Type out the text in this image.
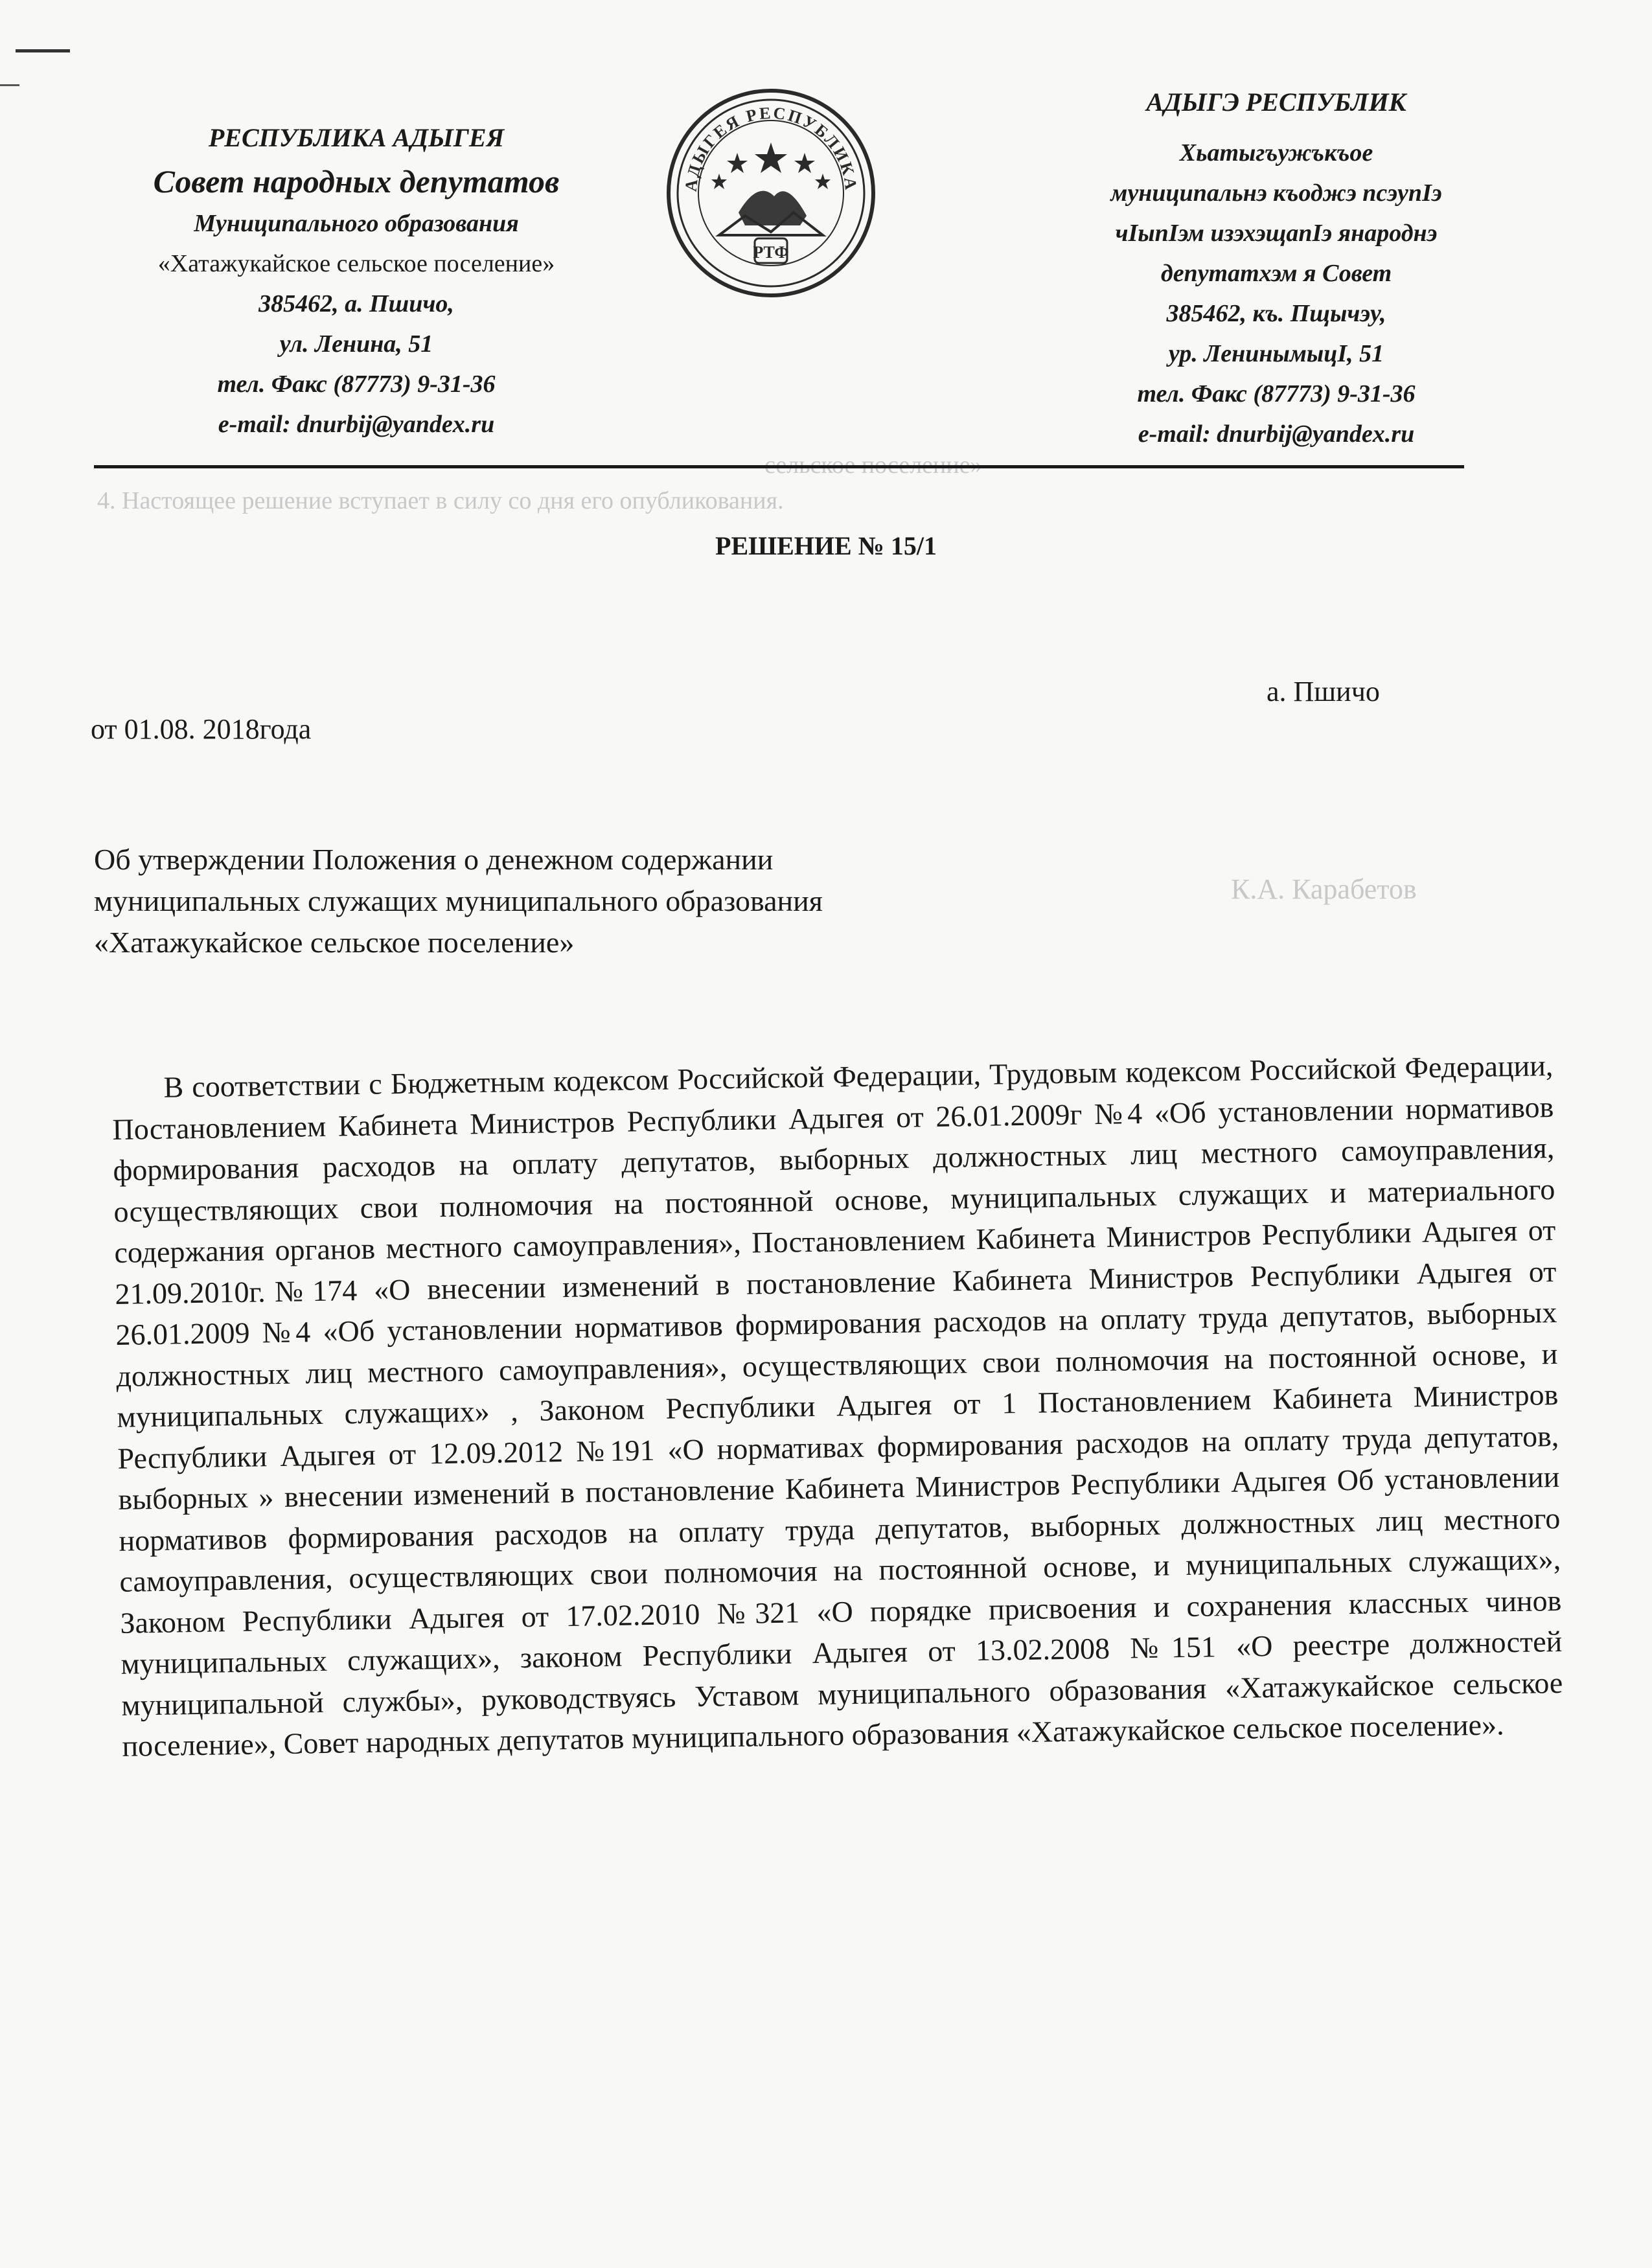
сельское поселение»
4. Настоящее решение вступает в силу со дня его опубликования.
К.А. Карабетов
РЕСПУБЛИКА АДЫГЕЯ
Совет народных депутатов
Муниципального образования
«Хатажукайское сельское поселение»
385462, а. Пшичо,
ул. Ленина, 51
тел. Факс (87773) 9-31-36
e-mail: dnurbij@yandex.ru
АДЫГЕЯ РЕСПУБЛИКА
РТФ
АДЫГЭ РЕСПУБЛИК
Хьатыгъужъкъое
муниципальнэ къоджэ псэупІэ
чІыпІэм изэхэщапІэ янароднэ
депутатхэм я Совет
385462, къ. Пщычэу,
ур. ЛенинымыцІ, 51
тел. Факс (87773) 9-31-36
e-mail: dnurbij@yandex.ru
РЕШЕНИЕ № 15/1
а. Пшичо
от 01.08. 2018года
Об утверждении Положения о денежном содержании
муниципальных служащих муниципального образования
«Хатажукайское сельское поселение»
В соответствии с Бюджетным кодексом Российской Федерации, Трудовым кодексом Российской Федерации, Постановлением Кабинета Министров Республики Адыгея от 26.01.2009г №4 «Об установлении нормативов формирования расходов на оплату депутатов, выборных должностных лиц местного самоуправления, осуществляющих свои полномочия на постоянной основе, муниципальных служащих и материального содержания органов местного самоуправления», Постановлением Кабинета Министров Республики Адыгея от 21.09.2010г.№174 «О внесении изменений в постановление Кабинета Министров Республики Адыгея от 26.01.2009 №4 «Об установлении нормативов формирования расходов на оплату труда депутатов, выборных должностных лиц местного самоуправления», осуществляющих свои полномочия на постоянной основе, и муниципальных служащих» , Законом Республики Адыгея от 1 Постановлением Кабинета Министров Республики Адыгея от 12.09.2012 №191 «О нормативах формирования расходов на оплату труда депутатов, выборных » внесении изменений в постановление Кабинета Министров Республики Адыгея Об установлении нормативов формирования расходов на оплату труда депутатов, выборных должностных лиц местного самоуправления, осуществляющих свои полномочия на постоянной основе, и муниципальных служащих», Законом Республики Адыгея от 17.02.2010 №321 «О порядке присвоения и сохранения классных чинов муниципальных служащих», законом Республики Адыгея от 13.02.2008 №151 «О реестре должностей муниципальной службы», руководствуясь Уставом муниципального образования «Хатажукайское сельское поселение», Совет народных депутатов муниципального образования «Хатажукайское сельское поселение».
